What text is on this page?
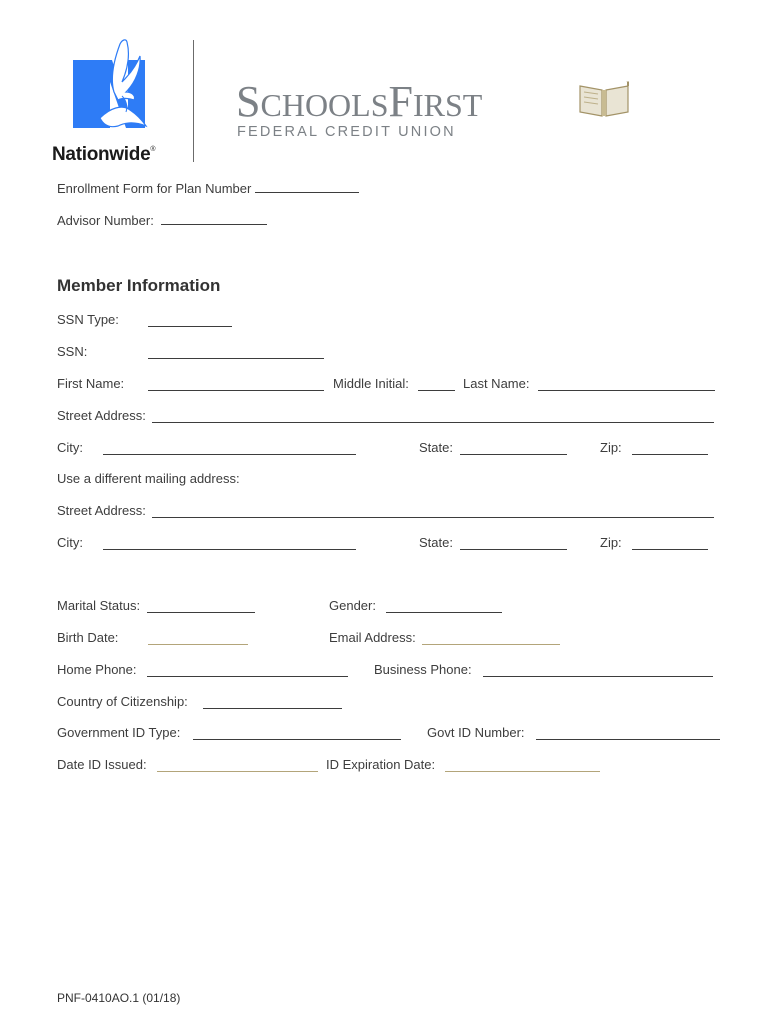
Nationwide®
SCHOOLSFIRST
™
FEDERAL CREDIT UNION
Enrollment Form for Plan Number
Advisor Number:
Member Information
SSN Type:
SSN:
First Name:	Middle Initial:	Last Name:
Street Address:
City:	State:	Zip:
Use a different mailing address:
Street Address:
City:	State:	Zip:
Marital Status:	Gender:
Birth Date:	Email Address:
Home Phone:	Business Phone:
Country of Citizenship:
Government ID Type:	Govt ID Number:
Date ID Issued:	ID Expiration Date:
PNF-0410AO.1 (01/18)
